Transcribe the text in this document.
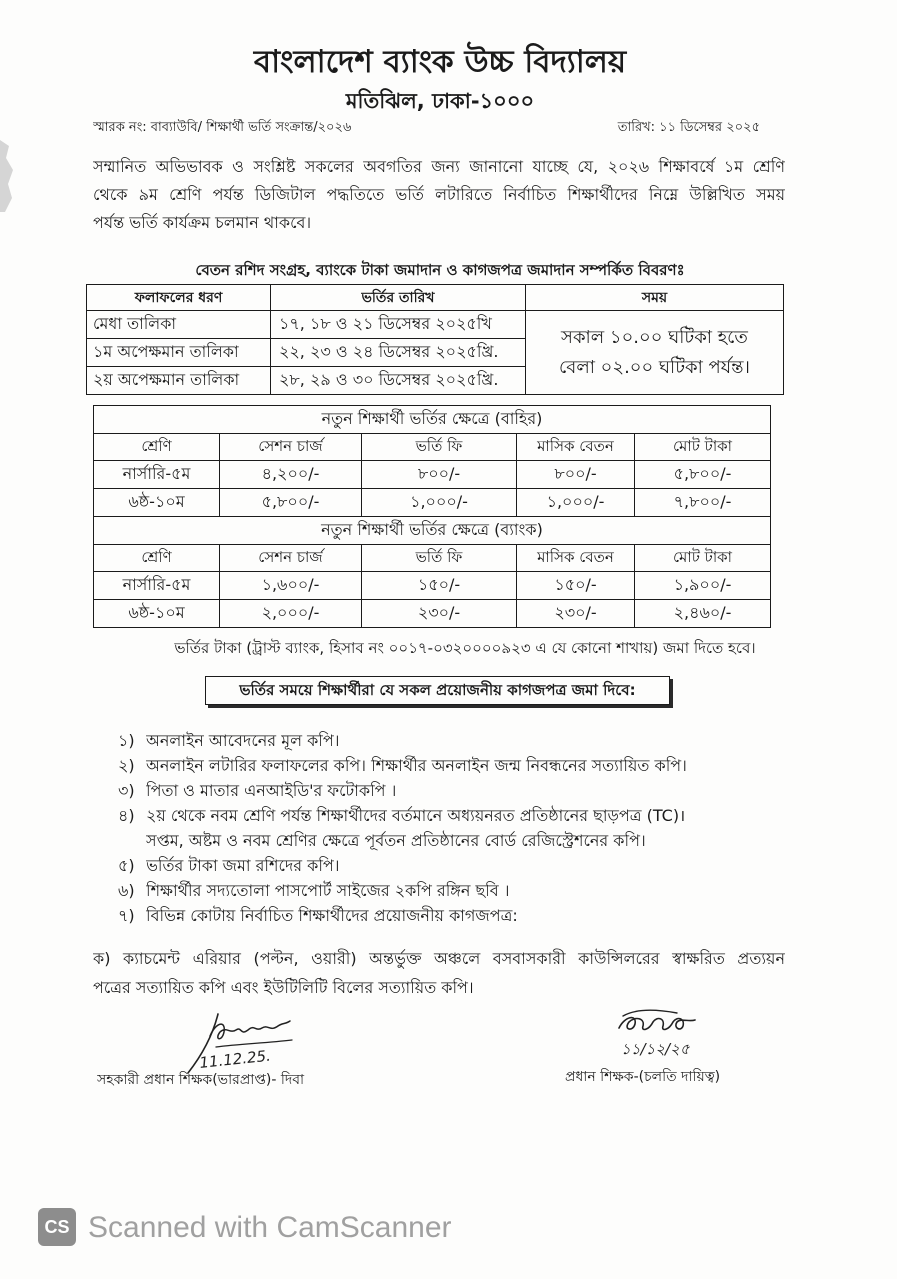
বাংলাদেশ ব্যাংক উচ্চ বিদ্যালয়
মতিঝিল, ঢাকা-১০০০
স্মারক নং: বাব্যাউবি/ শিক্ষার্থী ভর্তি সংক্রান্ত/২০২৬	তারিখ: ১১ ডিসেম্বর ২০২৫
সম্মানিত অভিভাবক ও সংশ্লিষ্ট সকলের অবগতির জন্য জানানো যাচ্ছে যে, ২০২৬ শিক্ষাবর্ষে ১ম শ্রেণি
থেকে ৯ম শ্রেণি পর্যন্ত ডিজিটাল পদ্ধতিতে ভর্তি লটারিতে নির্বাচিত শিক্ষার্থীদের নিম্নে উল্লিখিত সময়
পর্যন্ত ভর্তি কার্যক্রম চলমান থাকবে।
বেতন রশিদ সংগ্রহ, ব্যাংকে টাকা জমাদান ও কাগজপত্র জমাদান সম্পর্কিত বিবরণঃ
ফলাফলের ধরণ	ভর্তির তারিখ	সময়
মেধা তালিকা	১৭, ১৮ ও ২১ ডিসেম্বর ২০২৫খি	সকাল ১০.০০ ঘটিকা হতে
বেলা ০২.০০ ঘটিকা পর্যন্ত।

১ম অপেক্ষমান তালিকা	২২, ২৩ ও ২৪ ডিসেম্বর ২০২৫খ্রি.	
২য় অপেক্ষমান তালিকা	২৮, ২৯ ও ৩০ ডিসেম্বর ২০২৫খ্রি.	
নতুন শিক্ষার্থী ভর্তির ক্ষেত্রে (বাহির)				
শ্রেণি	সেশন চার্জ	ভর্তি ফি	মাসিক বেতন	মোট টাকা
নার্সারি-৫ম	৪,২০০/-	৮০০/-	৮০০/-	৫,৮০০/-
৬ষ্ঠ-১০ম	৫,৮০০/-	১,০০০/-	১,০০০/-	৭,৮০০/-
নতুন শিক্ষার্থী ভর্তির ক্ষেত্রে (ব্যাংক)				
শ্রেণি	সেশন চার্জ	ভর্তি ফি	মাসিক বেতন	মোট টাকা
নার্সারি-৫ম	১,৬০০/-	১৫০/-	১৫০/-	১,৯০০/-
৬ষ্ঠ-১০ম	২,০০০/-	২৩০/-	২৩০/-	২,৪৬০/-
ভর্তির টাকা (ট্রাস্ট ব্যাংক, হিসাব নং ০০১৭-০৩২০০০০৯২৩ এ যে কোনো শাখায়) জমা দিতে হবে।
ভর্তির সময়ে শিক্ষার্থীরা যে সকল প্রয়োজনীয় কাগজপত্র জমা দিবে:
১) অনলাইন আবেদনের মূল কপি।
২) অনলাইন লটারির ফলাফলের কপি। শিক্ষার্থীর অনলাইন জন্ম নিবন্ধনের সত্যায়িত কপি।
৩) পিতা ও মাতার এনআইডি'র ফটোকপি ।
৪) ২য় থেকে নবম শ্রেণি পর্যন্ত শিক্ষার্থীদের বর্তমানে অধ্যয়নরত প্রতিষ্ঠানের ছাড়পত্র (TC)।
সপ্তম, অষ্টম ও নবম শ্রেণির ক্ষেত্রে পূর্বতন প্রতিষ্ঠানের বোর্ড রেজিস্ট্রেশনের কপি।
৫) ভর্তির টাকা জমা রশিদের কপি।
৬) শিক্ষার্থীর সদ্যতোলা পাসপোর্ট সাইজের ২কপি রঙ্গিন ছবি ।
৭) বিভিন্ন কোটায় নির্বাচিত শিক্ষার্থীদের প্রয়োজনীয় কাগজপত্র:
ক) ক্যাচমেন্ট এরিয়ার (পল্টন, ওয়ারী) অন্তর্ভুক্ত অঞ্চলে বসবাসকারী কাউন্সিলরের স্বাক্ষরিত প্রত্যয়ন
পত্রের সত্যায়িত কপি এবং ইউটিলিটি বিলের সত্যায়িত কপি।
11.12.25.
সহকারী প্রধান শিক্ষক(ভারপ্রাপ্ত)- দিবা
১১/১২/২৫
প্রধান শিক্ষক-(চলতি দায়িত্ব)
CS Scanned with CamScanner
